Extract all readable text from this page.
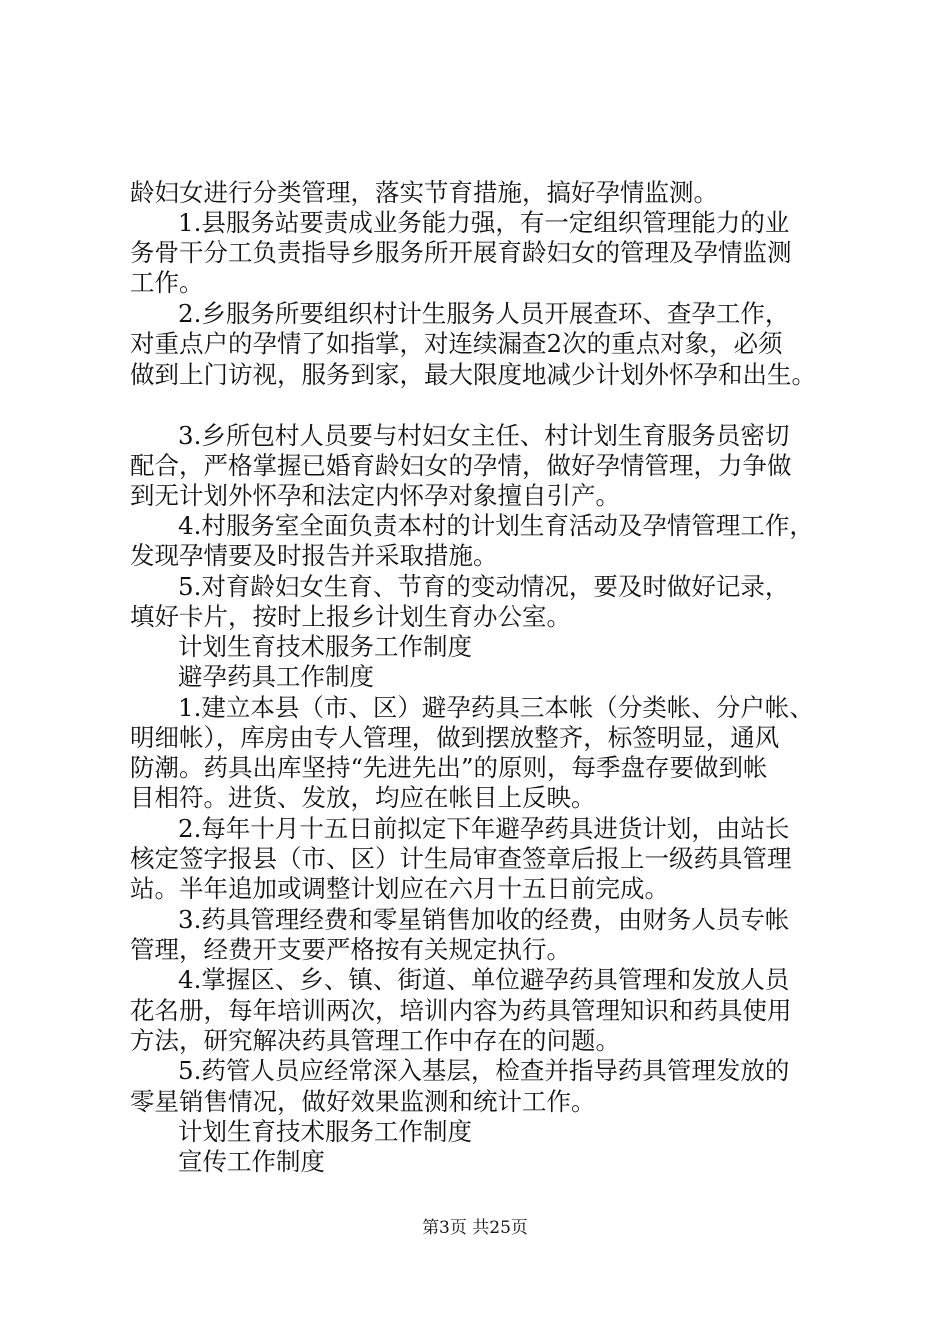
龄妇女进行分类管理，落实节育措施，搞好孕情监测。
1.县服务站要责成业务能力强，有一定组织管理能力的业
务骨干分工负责指导乡服务所开展育龄妇女的管理及孕情监测
工作。
2.乡服务所要组织村计生服务人员开展查环、查孕工作，
对重点户的孕情了如指掌，对连续漏查2次的重点对象，必须
做到上门访视，服务到家，最大限度地减少计划外怀孕和出生。
3.乡所包村人员要与村妇女主任、村计划生育服务员密切
配合，严格掌握已婚育龄妇女的孕情，做好孕情管理，力争做
到无计划外怀孕和法定内怀孕对象擅自引产。
4.村服务室全面负责本村的计划生育活动及孕情管理工作，
发现孕情要及时报告并采取措施。
5.对育龄妇女生育、节育的变动情况，要及时做好记录，
填好卡片，按时上报乡计划生育办公室。
计划生育技术服务工作制度
避孕药具工作制度
1.建立本县（市、区）避孕药具三本帐（分类帐、分户帐、
明细帐），库房由专人管理，做到摆放整齐，标签明显，通风
防潮。药具出库坚持“先进先出”的原则，每季盘存要做到帐
目相符。进货、发放，均应在帐目上反映。
2.每年十月十五日前拟定下年避孕药具进货计划，由站长
核定签字报县（市、区）计生局审查签章后报上一级药具管理
站。半年追加或调整计划应在六月十五日前完成。
3.药具管理经费和零星销售加收的经费，由财务人员专帐
管理，经费开支要严格按有关规定执行。
4.掌握区、乡、镇、街道、单位避孕药具管理和发放人员
花名册，每年培训两次，培训内容为药具管理知识和药具使用
方法，研究解决药具管理工作中存在的问题。
5.药管人员应经常深入基层，检查并指导药具管理发放的
零星销售情况，做好效果监测和统计工作。
计划生育技术服务工作制度
宣传工作制度
第3页 共25页
